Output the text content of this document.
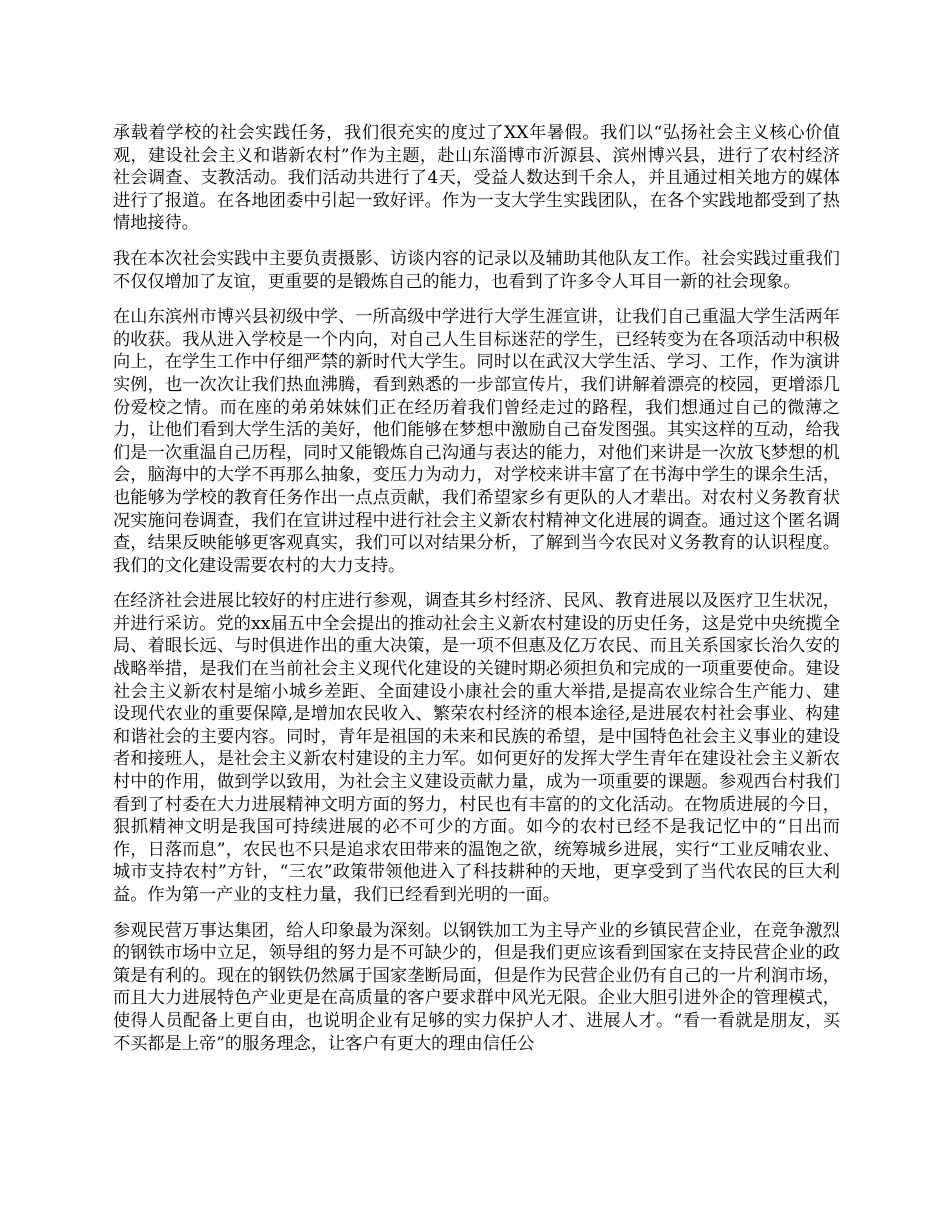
承载着学校的社会实践任务，我们很充实的度过了XX年暑假。我们以“弘扬社会主义核心价值观，建设社会主义和谐新农村”作为主题，赴山东淄博市沂源县、滨州博兴县，进行了农村经济社会调查、支教活动。我们活动共进行了4天，受益人数达到千余人，并且通过相关地方的媒体进行了报道。在各地团委中引起一致好评。作为一支大学生实践团队，在各个实践地都受到了热情地接待。

我在本次社会实践中主要负责摄影、访谈内容的记录以及辅助其他队友工作。社会实践过重我们不仅仅增加了友谊，更重要的是锻炼自己的能力，也看到了许多令人耳目一新的社会现象。

在山东滨州市博兴县初级中学、一所高级中学进行大学生涯宣讲，让我们自己重温大学生活两年的收获。我从进入学校是一个内向，对自己人生目标迷茫的学生，已经转变为在各项活动中积极向上，在学生工作中仔细严禁的新时代大学生。同时以在武汉大学生活、学习、工作，作为演讲实例，也一次次让我们热血沸腾，看到熟悉的一步部宣传片，我们讲解着漂亮的校园，更增添几份爱校之情。而在座的弟弟妹妹们正在经历着我们曾经走过的路程，我们想通过自己的微薄之力，让他们看到大学生活的美好，他们能够在梦想中激励自己奋发图强。其实这样的互动，给我们是一次重温自己历程，同时又能锻炼自己沟通与表达的能力，对他们来讲是一次放飞梦想的机会，脑海中的大学不再那么抽象，变压力为动力，对学校来讲丰富了在书海中学生的课余生活，也能够为学校的教育任务作出一点点贡献，我们希望家乡有更队的人才辈出。对农村义务教育状况实施问卷调查，我们在宣讲过程中进行社会主义新农村精神文化进展的调查。通过这个匿名调查，结果反映能够更客观真实，我们可以对结果分析，了解到当今农民对义务教育的认识程度。我们的文化建设需要农村的大力支持。

在经济社会进展比较好的村庄进行参观，调查其乡村经济、民风、教育进展以及医疗卫生状况，并进行采访。党的xx届五中全会提出的推动社会主义新农村建设的历史任务，这是党中央统揽全局、着眼长远、与时俱进作出的重大决策，是一项不但惠及亿万农民、而且关系国家长治久安的战略举措，是我们在当前社会主义现代化建设的关键时期必须担负和完成的一项重要使命。建设社会主义新农村是缩小城乡差距、全面建设小康社会的重大举措,是提高农业综合生产能力、建设现代农业的重要保障,是增加农民收入、繁荣农村经济的根本途径,是进展农村社会事业、构建和谐社会的主要内容。同时，青年是祖国的未来和民族的希望，是中国特色社会主义事业的建设者和接班人，是社会主义新农村建设的主力军。如何更好的发挥大学生青年在建设社会主义新农村中的作用，做到学以致用，为社会主义建设贡献力量，成为一项重要的课题。参观西台村我们看到了村委在大力进展精神文明方面的努力，村民也有丰富的的文化活动。在物质进展的今日，狠抓精神文明是我国可持续进展的必不可少的方面。如今的农村已经不是我记忆中的“日出而作，日落而息”，农民也不只是追求农田带来的温饱之欲，统筹城乡进展，实行“工业反哺农业、城市支持农村”方针，“三农”政策带领他进入了科技耕种的天地，更享受到了当代农民的巨大利益。作为第一产业的支柱力量，我们已经看到光明的一面。

参观民营万事达集团，给人印象最为深刻。以钢铁加工为主导产业的乡镇民营企业，在竞争激烈的钢铁市场中立足，领导组的努力是不可缺少的，但是我们更应该看到国家在支持民营企业的政策是有利的。现在的钢铁仍然属于国家垄断局面，但是作为民营企业仍有自己的一片利润市场，而且大力进展特色产业更是在高质量的客户要求群中风光无限。企业大胆引进外企的管理模式，使得人员配备上更自由，也说明企业有足够的实力保护人才、进展人才。“看一看就是朋友，买不买都是上帝”的服务理念，让客户有更大的理由信任公
